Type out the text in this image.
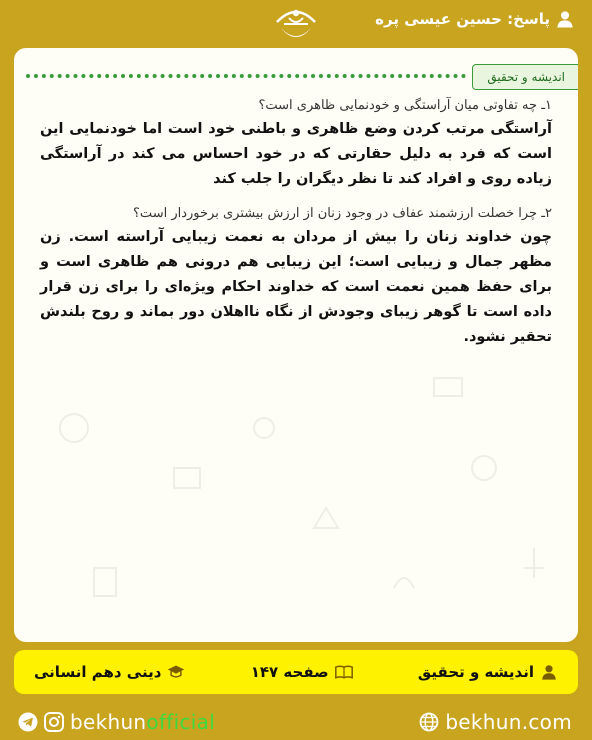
پاسخ: حسین عیسی پره
اندیشه و تحقیق
۱ـ چه تفاوتی میان آراستگی و خودنمایی ظاهری است؟
آراستگی مرتب کردن وضع ظاهری و باطنی خود است اما خودنمایی این است که فرد به دلیل حقارتی که در خود احساس می کند در آراستگی زیاده روی و افراد کند تا نظر دیگران را جلب کند
۲ـ چرا خصلت ارزشمند عفاف در وجود زنان از ارزش بیشتری برخوردار است؟
چون خداوند زنان را بیش از مردان به نعمت زیبایی آراسته است. زن مظهر جمال و زیبایی است؛ این زیبایی هم درونی هم ظاهری است و برای حفظ همین نعمت است که خداوند احکام ویژه‌ای را برای زن قرار داده است تا گوهر زیبای وجودش از نگاه ناا‌هلان دور بماند و روح بلندش تحقیر نشود.
اندیشه و تحقیق
صفحه ۱۴۷
دینی دهم انسانی
bekhunofficial	bekhun.com
